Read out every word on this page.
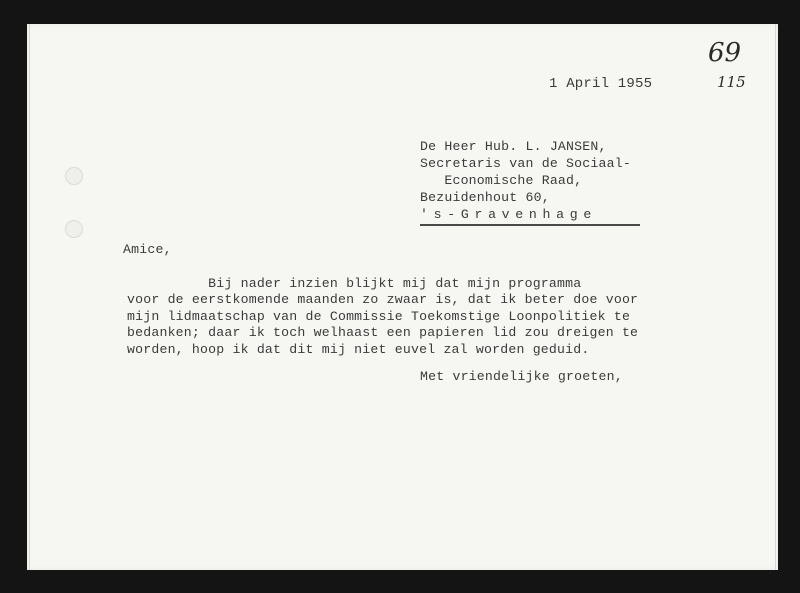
69
115
1 April 1955
De Heer Hub. L. JANSEN,
Secretaris van de Sociaal-
Economische Raad,
Bezuidenhout 60,
's-Gravenhage
Amice,
Bij nader inzien blijkt mij dat mijn programma
voor de eerstkomende maanden zo zwaar is, dat ik beter doe voor
mijn lidmaatschap van de Commissie Toekomstige Loonpolitiek te
bedanken; daar ik toch welhaast een papieren lid zou dreigen te
worden, hoop ik dat dit mij niet euvel zal worden geduid.
Met vriendelijke groeten,
